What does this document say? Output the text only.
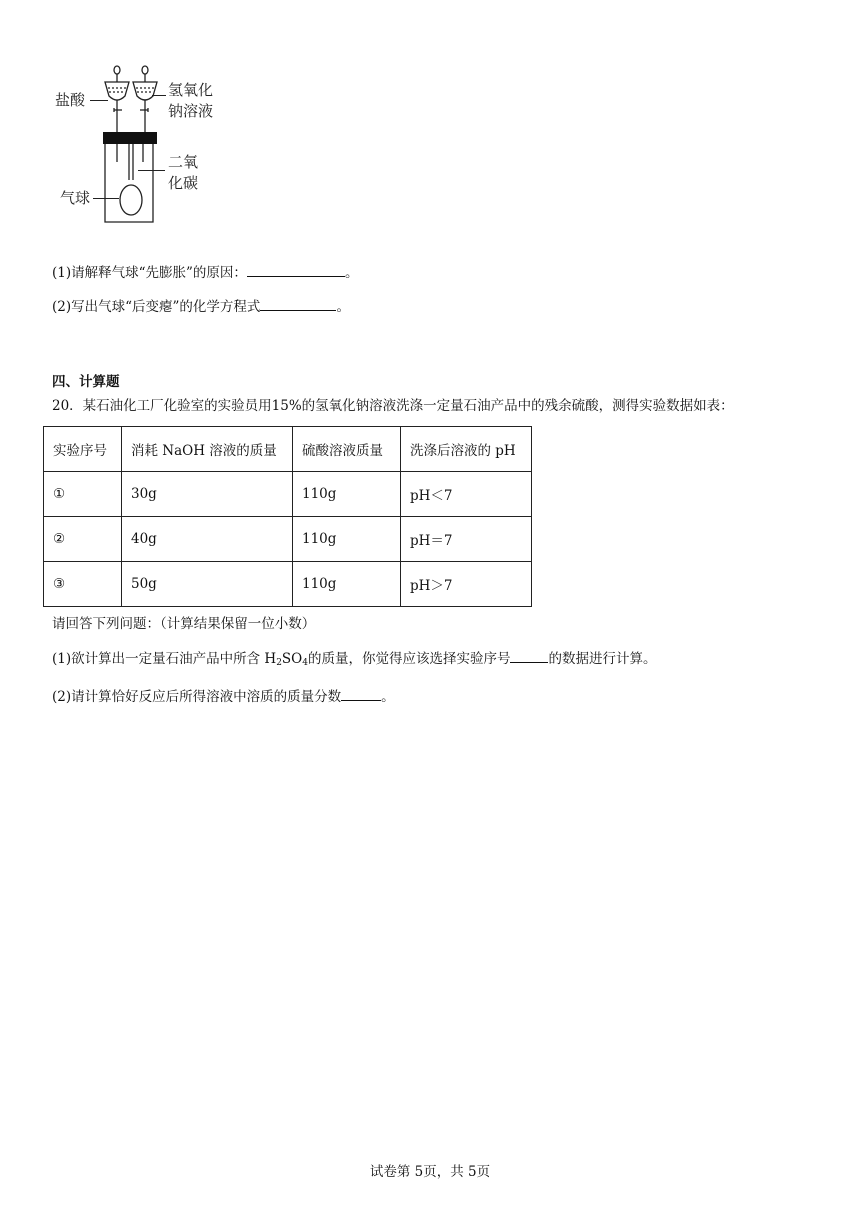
盐酸
氢氧化
钠溶液
二氧
化碳
气球
(1)请解释气球“先膨胀”的原因：	。
(2)写出气球“后变瘪”的化学方程式	。
四、计算题
20．某石油化工厂化验室的实验员用15%的氢氧化钠溶液洗涤一定量石油产品中的残余硫酸，测得实验数据如表：
实验序号	消耗 NaOH 溶液的质量	硫酸溶液质量	洗涤后溶液的 pH
①	30g	110g	pH＜7
②	40g	110g	pH＝7
③	50g	110g	pH＞7
请回答下列问题：（计算结果保留一位小数）
(1)欲计算出一定量石油产品中所含 $H_2SO_4$的质量，你觉得应该选择实验序号	的数据进行计算。
(2)请计算恰好反应后所得溶液中溶质的质量分数	。
试卷第 5页，共 5页
